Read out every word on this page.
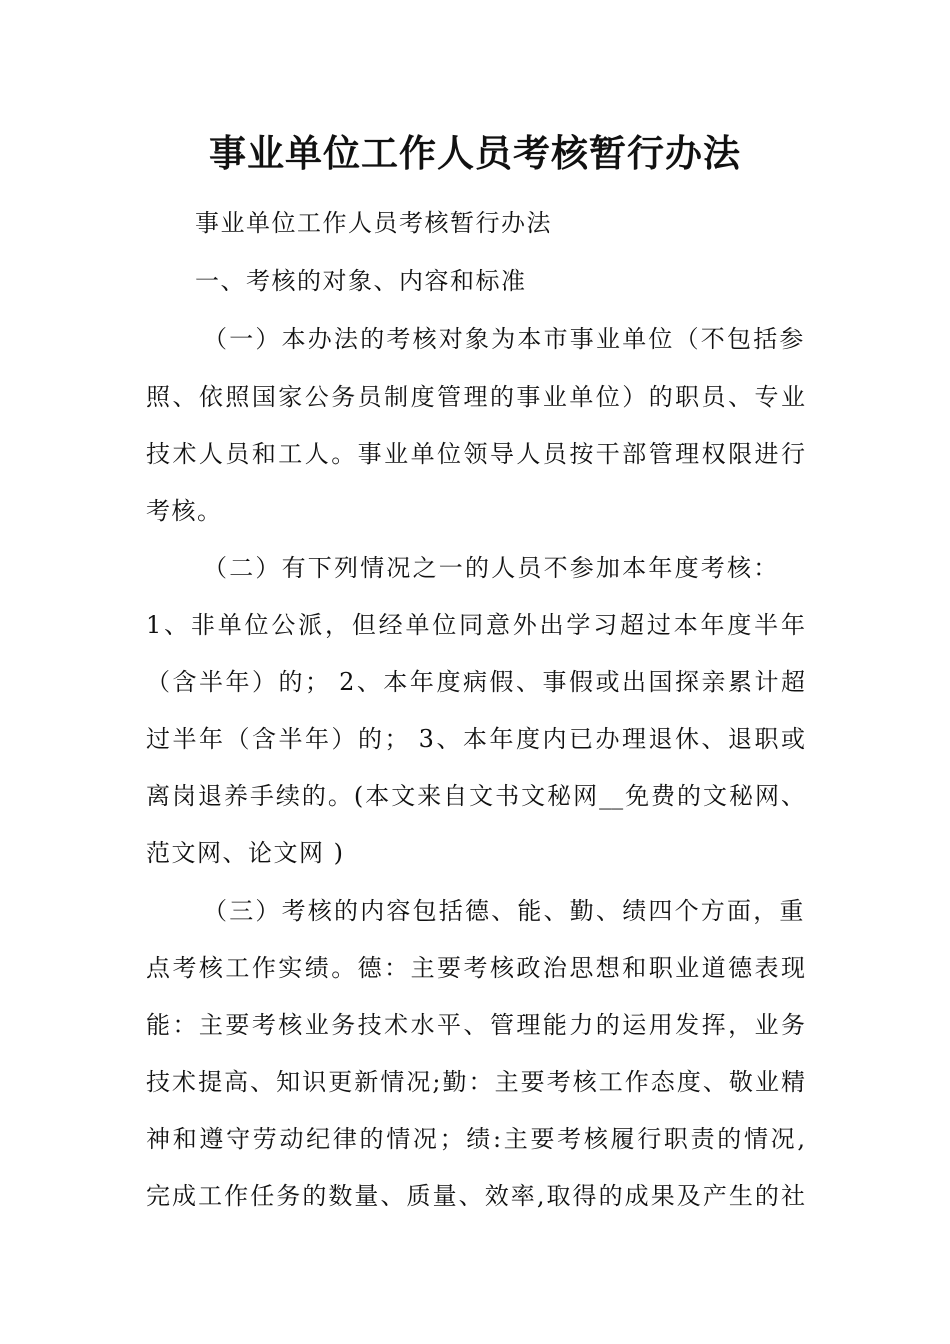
事业单位工作人员考核暂行办法
事业单位工作人员考核暂行办法
一、考核的对象、内容和标准
（一）本办法的考核对象为本市事业单位（不包括参
照、依照国家公务员制度管理的事业单位）的职员、专业
技术人员和工人。事业单位领导人员按干部管理权限进行
考核。
（二）有下列情况之一的人员不参加本年度考核：
1、非单位公派，但经单位同意外出学习超过本年度半年
（含半年）的； 2、本年度病假、事假或出国探亲累计超
过半年（含半年）的； 3、本年度内已办理退休、退职或
离岗退养手续的。(本文来自文书文秘网__免费的文秘网、
范文网、论文网 )
（三）考核的内容包括德、能、勤、绩四个方面，重
点考核工作实绩。德：主要考核政治思想和职业道德表现
能：主要考核业务技术水平、管理能力的运用发挥，业务
技术提高、知识更新情况;勤：主要考核工作态度、敬业精
神和遵守劳动纪律的情况；绩:主要考核履行职责的情况,
完成工作任务的数量、质量、效率,取得的成果及产生的社
